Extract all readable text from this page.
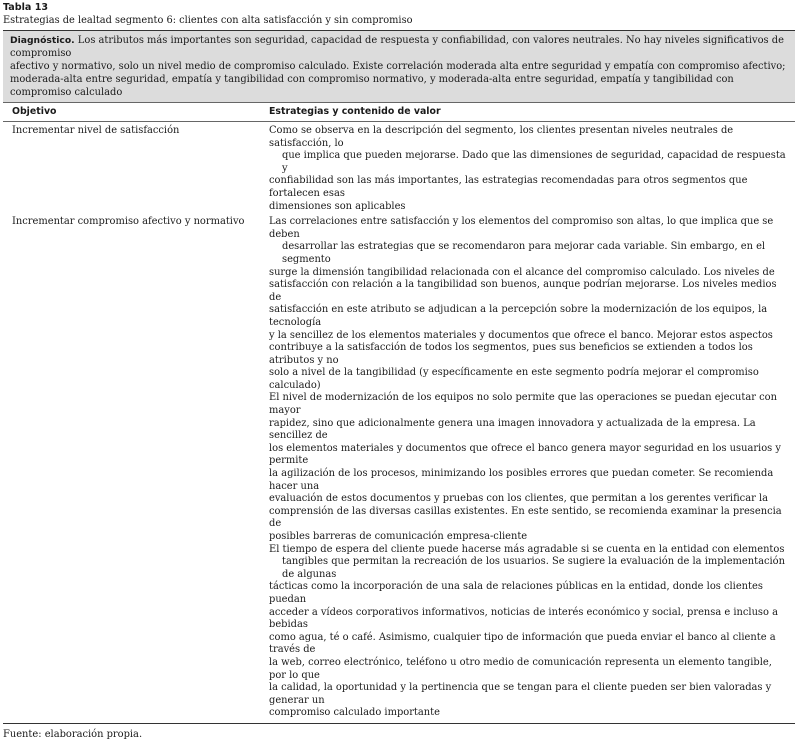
Tabla 13
Estrategias de lealtad segmento 6: clientes con alta satisfacción y sin compromiso
Diagnóstico. Los atributos más importantes son seguridad, capacidad de respuesta y confiabilidad, con valores neutrales. No hay niveles significativos de compromiso
afectivo y normativo, solo un nivel medio de compromiso calculado. Existe correlación moderada alta entre seguridad y empatía con compromiso afectivo;
moderada-alta entre seguridad, empatía y tangibilidad con compromiso normativo, y moderada-alta entre seguridad, empatía y tangibilidad con compromiso calculado
Objetivo	Estrategias y contenido de valor
Incrementar nivel de satisfacción	Como se observa en la descripción del segmento, los clientes presentan niveles neutrales de satisfacción, lo
que implica que pueden mejorarse. Dado que las dimensiones de seguridad, capacidad de respuesta y
confiabilidad son las más importantes, las estrategias recomendadas para otros segmentos que fortalecen esas
dimensiones son aplicables
Incrementar compromiso afectivo y normativo	Las correlaciones entre satisfacción y los elementos del compromiso son altas, lo que implica que se deben
desarrollar las estrategias que se recomendaron para mejorar cada variable. Sin embargo, en el segmento
surge la dimensión tangibilidad relacionada con el alcance del compromiso calculado. Los niveles de
satisfacción con relación a la tangibilidad son buenos, aunque podrían mejorarse. Los niveles medios de
satisfacción en este atributo se adjudican a la percepción sobre la modernización de los equipos, la tecnología
y la sencillez de los elementos materiales y documentos que ofrece el banco. Mejorar estos aspectos
contribuye a la satisfacción de todos los segmentos, pues sus beneficios se extienden a todos los atributos y no
solo a nivel de la tangibilidad (y específicamente en este segmento podría mejorar el compromiso calculado)
El nivel de modernización de los equipos no solo permite que las operaciones se puedan ejecutar con mayor
rapidez, sino que adicionalmente genera una imagen innovadora y actualizada de la empresa. La sencillez de
los elementos materiales y documentos que ofrece el banco genera mayor seguridad en los usuarios y permite
la agilización de los procesos, minimizando los posibles errores que puedan cometer. Se recomienda hacer una
evaluación de estos documentos y pruebas con los clientes, que permitan a los gerentes verificar la
comprensión de las diversas casillas existentes. En este sentido, se recomienda examinar la presencia de
posibles barreras de comunicación empresa-cliente
El tiempo de espera del cliente puede hacerse más agradable si se cuenta en la entidad con elementos
tangibles que permitan la recreación de los usuarios. Se sugiere la evaluación de la implementación de algunas
tácticas como la incorporación de una sala de relaciones públicas en la entidad, donde los clientes puedan
acceder a vídeos corporativos informativos, noticias de interés económico y social, prensa e incluso a bebidas
como agua, té o café. Asimismo, cualquier tipo de información que pueda enviar el banco al cliente a través de
la web, correo electrónico, teléfono u otro medio de comunicación representa un elemento tangible, por lo que
la calidad, la oportunidad y la pertinencia que se tengan para el cliente pueden ser bien valoradas y generar un
compromiso calculado importante
Fuente: elaboración propia.
